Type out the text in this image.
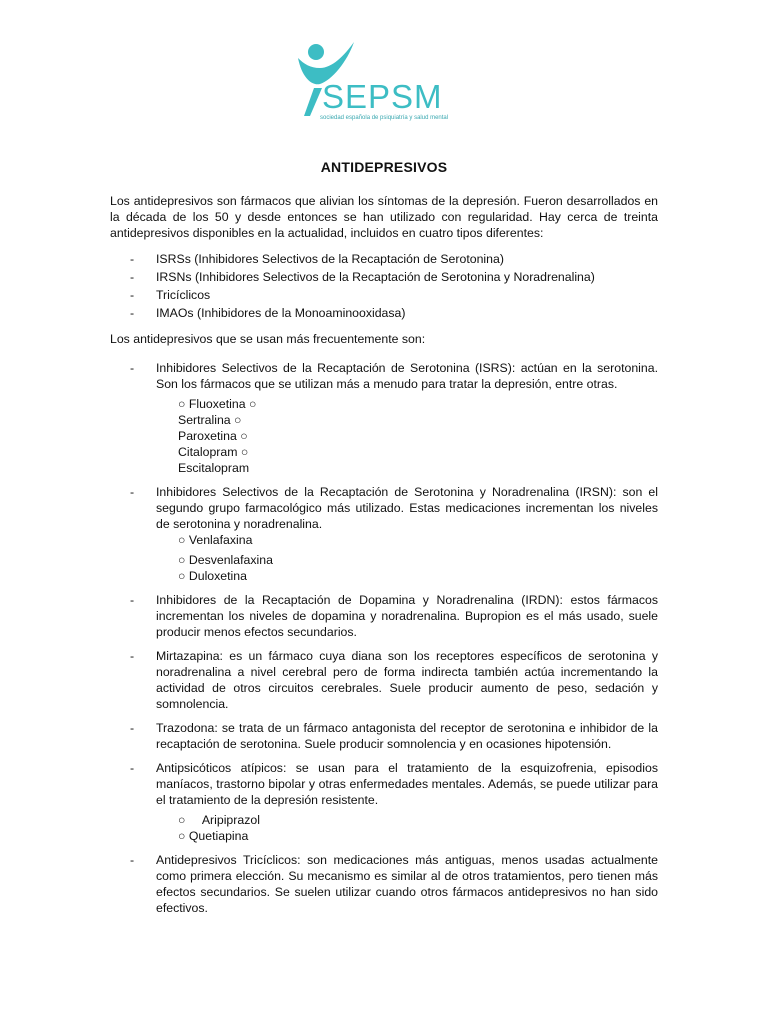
SEPSM
sociedad española de psiquiatría y salud mental
ANTIDEPRESIVOS

Los antidepresivos son fármacos que alivian los síntomas de la depresión. Fueron desarrollados en la década de los 50 y desde entonces se han utilizado con regularidad. Hay cerca de treinta antidepresivos disponibles en la actualidad, incluidos en cuatro tipos diferentes:

- ISRSs (Inhibidores Selectivos de la Recaptación de Serotonina)
- IRSNs (Inhibidores Selectivos de la Recaptación de Serotonina y Noradrenalina)
- Tricíclicos
- IMAOs (Inhibidores de la Monoaminooxidasa)

Los antidepresivos que se usan más frecuentemente son:

- Inhibidores Selectivos de la Recaptación de Serotonina (ISRS): actúan en la serotonina. Son los fármacos que se utilizan más a menudo para tratar la depresión, entre otras.
○ Fluoxetina ○
Sertralina ○
Paroxetina ○
Citalopram ○
Escitalopram
- Inhibidores Selectivos de la Recaptación de Serotonina y Noradrenalina (IRSN): son el segundo grupo farmacológico más utilizado. Estas medicaciones incrementan los niveles de serotonina y noradrenalina.
○ Venlafaxina
○ Desvenlafaxina
○ Duloxetina
- Inhibidores de la Recaptación de Dopamina y Noradrenalina (IRDN): estos fármacos incrementan los niveles de dopamina y noradrenalina. Bupropion es el más usado, suele producir menos efectos secundarios.
- Mirtazapina: es un fármaco cuya diana son los receptores específicos de serotonina y noradrenalina a nivel cerebral pero de forma indirecta también actúa incrementando la actividad de otros circuitos cerebrales. Suele producir aumento de peso, sedación y somnolencia.
- Trazodona: se trata de un fármaco antagonista del receptor de serotonina e inhibidor de la recaptación de serotonina. Suele producir somnolencia y en ocasiones hipotensión.
- Antipsicóticos atípicos: se usan para el tratamiento de la esquizofrenia, episodios maníacos, trastorno bipolar y otras enfermedades mentales. Además, se puede utilizar para el tratamiento de la depresión resistente.
○     Aripiprazol
○ Quetiapina
- Antidepresivos Tricíclicos: son medicaciones más antiguas, menos usadas actualmente como primera elección. Su mecanismo es similar al de otros tratamientos, pero tienen más efectos secundarios. Se suelen utilizar cuando otros fármacos antidepresivos no han sido efectivos.
